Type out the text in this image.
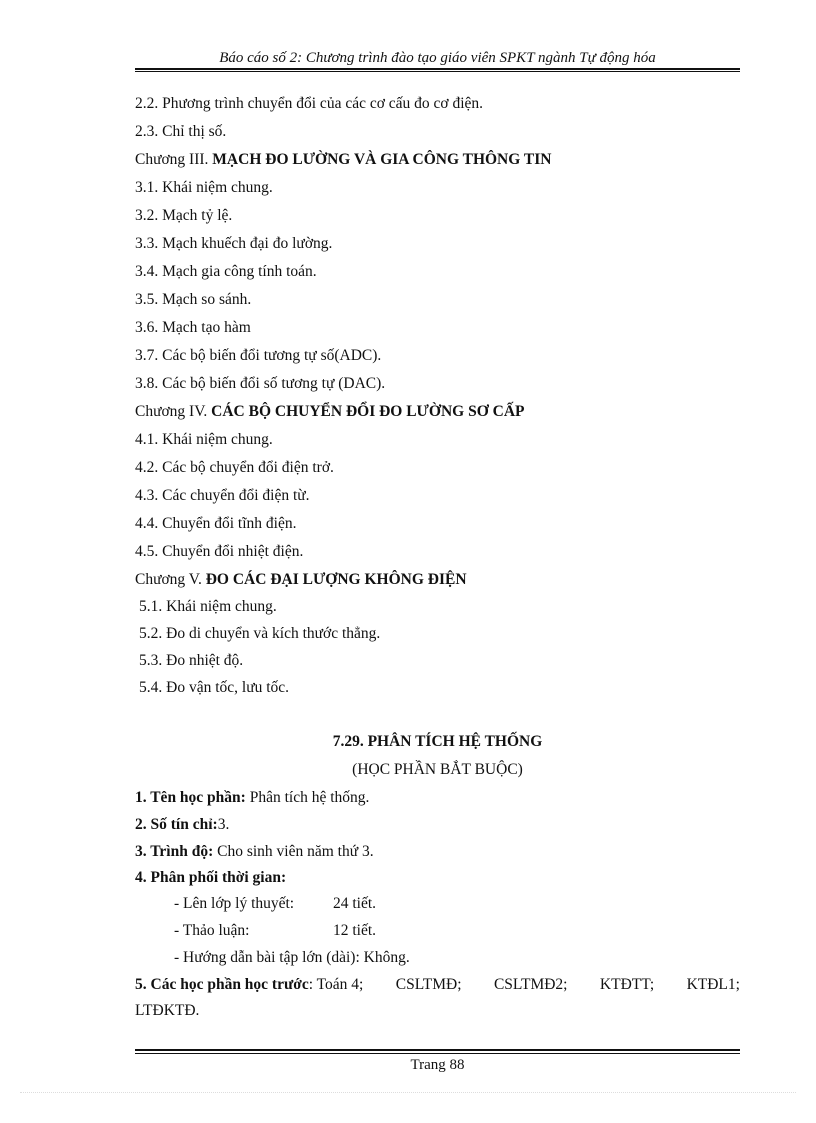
Báo cáo số 2: Chương trình đào tạo giáo viên SPKT ngành Tự động hóa
2.2. Phương trình chuyển đổi của các cơ cấu đo cơ điện.
2.3. Chỉ thị số.
Chương III. MẠCH ĐO LƯỜNG VÀ GIA CÔNG THÔNG TIN
3.1. Khái niệm chung.
3.2. Mạch tỷ lệ.
3.3. Mạch khuếch đại đo lường.
3.4. Mạch gia công tính toán.
3.5. Mạch so sánh.
3.6. Mạch tạo hàm
3.7. Các bộ biến đổi tương tự số(ADC).
3.8. Các bộ biến đổi số tương tự (DAC).
Chương IV. CÁC BỘ CHUYỂN ĐỔI ĐO LƯỜNG SƠ CẤP
4.1. Khái niệm chung.
4.2. Các bộ chuyển đổi điện trở.
4.3. Các chuyển đổi điện từ.
4.4. Chuyển đổi tĩnh điện.
4.5. Chuyển đổi nhiệt điện.
Chương V. ĐO CÁC ĐẠI LƯỢNG KHÔNG ĐIỆN
5.1. Khái niệm chung.
5.2. Đo di chuyển và kích thước thẳng.
5.3. Đo nhiệt độ.
5.4. Đo vận tốc, lưu tốc.
7.29. PHÂN TÍCH HỆ THỐNG
(HỌC PHẦN BẮT BUỘC)
1. Tên học phần: Phân tích hệ thống.
2. Số tín chỉ:3.
3. Trình độ: Cho sinh viên năm thứ 3.
4. Phân phối thời gian:
- Lên lớp lý thuyết:	24 tiết.
- Thảo luận:	12 tiết.
- Hướng dẫn bài tập lớn (dài): Không.
5. Các học phần học trước: Toán 4; CSLTMĐ; CSLTMĐ2; KTĐTT; KTĐL1;
LTĐKTĐ.
Trang 88
